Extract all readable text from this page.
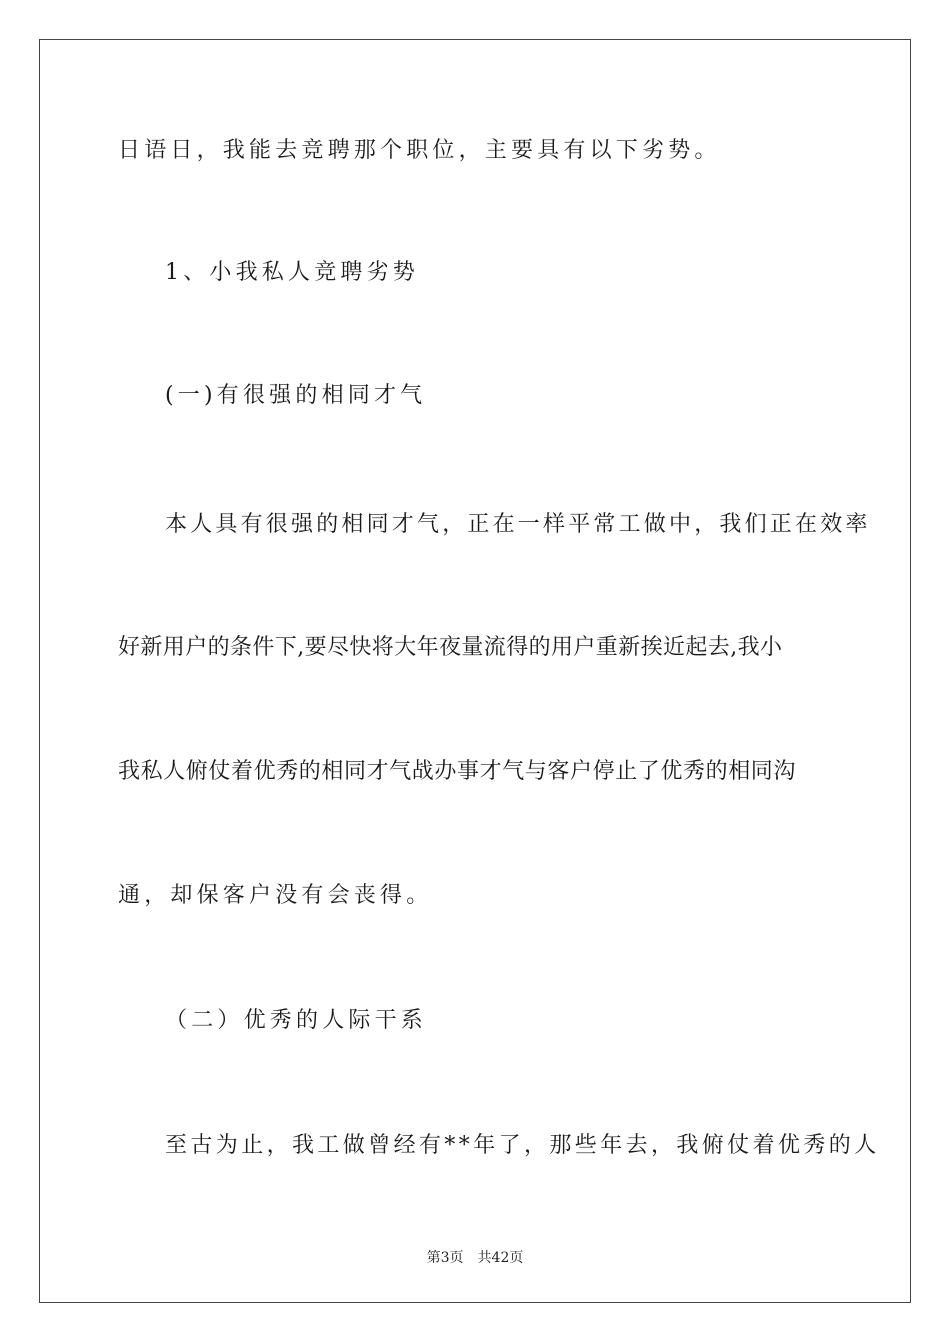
日语日，我能去竞聘那个职位，主要具有以下劣势。
1、小我私人竞聘劣势
(一)有很强的相同才气
本人具有很强的相同才气，正在一样平常工做中，我们正在效率
好新用户的条件下,要尽快将大年夜量流得的用户重新挨近起去,我小
我私人俯仗着优秀的相同才气战办事才气与客户停止了优秀的相同沟
通，却保客户没有会丧得。
（二）优秀的人际干系
至古为止，我工做曾经有**年了，那些年去，我俯仗着优秀的人
第3页 共42页
